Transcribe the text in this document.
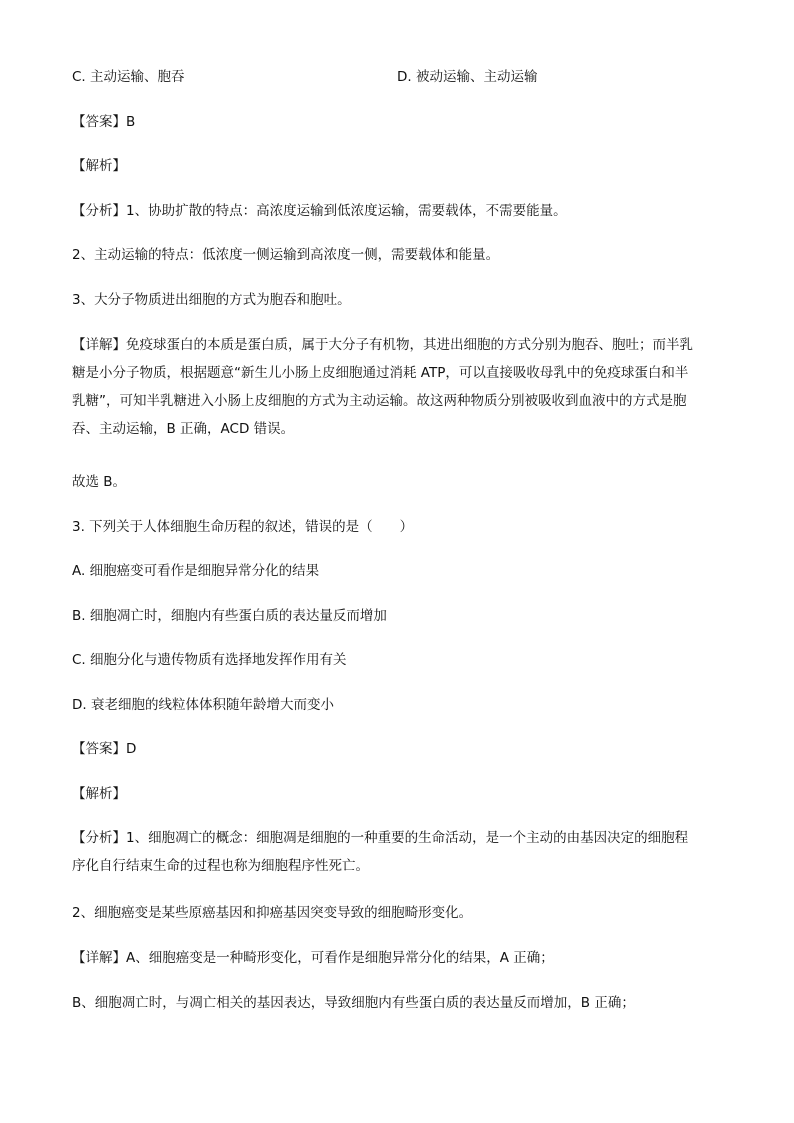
C. 主动运输、胞吞	D. 被动运输、主动运输
【答案】B
【解析】
【分析】1、协助扩散的特点：高浓度运输到低浓度运输，需要载体，不需要能量。
2、主动运输的特点：低浓度一侧运输到高浓度一侧，需要载体和能量。
3、大分子物质进出细胞的方式为胞吞和胞吐。
【详解】免疫球蛋白的本质是蛋白质，属于大分子有机物，其进出细胞的方式分别为胞吞、胞吐；而半乳
糖是小分子物质，根据题意“新生儿小肠上皮细胞通过消耗 ATP，可以直接吸收母乳中的免疫球蛋白和半
乳糖”，可知半乳糖进入小肠上皮细胞的方式为主动运输。故这两种物质分别被吸收到血液中的方式是胞
吞、主动运输，B 正确，ACD 错误。
故选 B。
3. 下列关于人体细胞生命历程的叙述，错误的是（　　）
A. 细胞癌变可看作是细胞异常分化的结果
B. 细胞凋亡时，细胞内有些蛋白质的表达量反而增加
C. 细胞分化与遗传物质有选择地发挥作用有关
D. 衰老细胞的线粒体体积随年龄增大而变小
【答案】D
【解析】
【分析】1、细胞凋亡的概念：细胞凋是细胞的一种重要的生命活动，是一个主动的由基因决定的细胞程
序化自行结束生命的过程也称为细胞程序性死亡。
2、细胞癌变是某些原癌基因和抑癌基因突变导致的细胞畸形变化。
【详解】A、细胞癌变是一种畸形变化，可看作是细胞异常分化的结果，A 正确；
B、细胞凋亡时，与凋亡相关的基因表达，导致细胞内有些蛋白质的表达量反而增加，B 正确；
